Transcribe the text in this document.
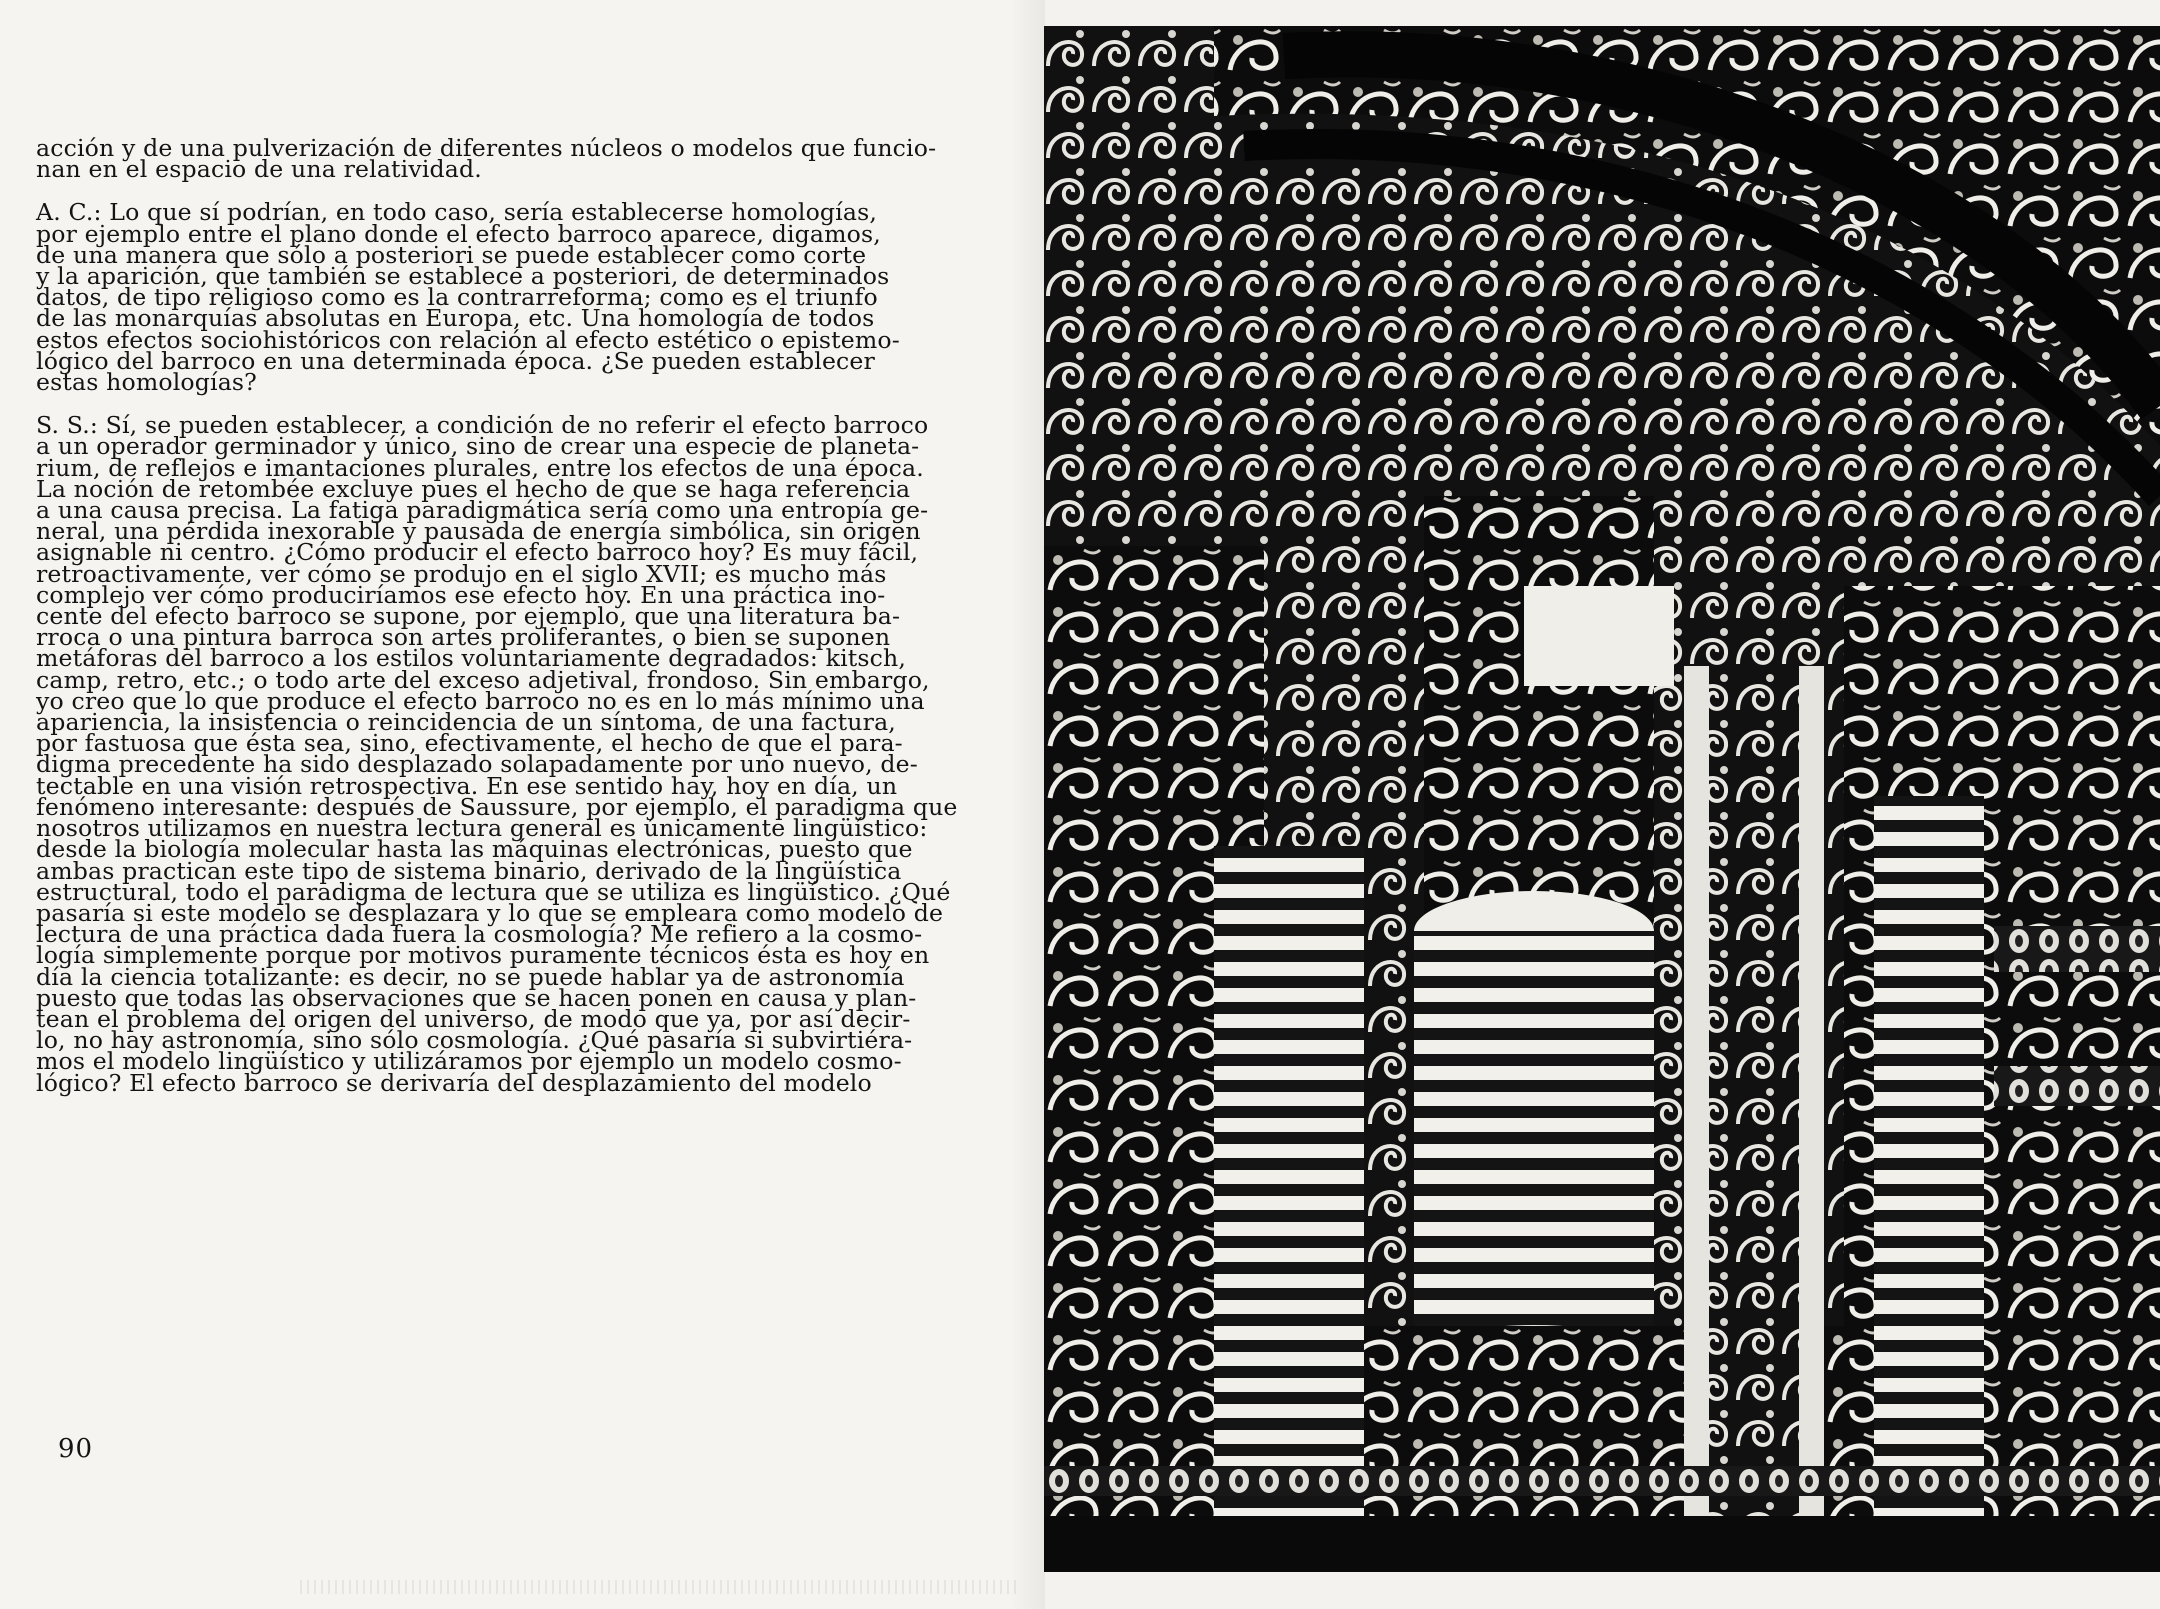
acción y de una pulverización de diferentes núcleos o modelos que funcio-
nan en el espacio de una relatividad.

A. C.: Lo que sí podrían, en todo caso, sería establecerse homologías,
por ejemplo entre el plano donde el efecto barroco aparece, digamos,
de una manera que sólo a posteriori se puede establecer como corte
y la aparición, que también se establece a posteriori, de determinados
datos, de tipo religioso como es la contrarreforma; como es el triunfo
de las monarquías absolutas en Europa, etc. Una homología de todos
estos efectos sociohistóricos con relación al efecto estético o epistemo-
lógico del barroco en una determinada época. ¿Se pueden establecer
estas homologías?

S. S.: Sí, se pueden establecer, a condición de no referir el efecto barroco
a un operador germinador y único, sino de crear una especie de planeta-
rium, de reflejos e imantaciones plurales, entre los efectos de una época.
La noción de retombée excluye pues el hecho de que se haga referencia
a una causa precisa. La fatiga paradigmática sería como una entropía ge-
neral, una pérdida inexorable y pausada de energía simbólica, sin origen
asignable ni centro. ¿Cómo producir el efecto barroco hoy? Es muy fácil,
retroactivamente, ver cómo se produjo en el siglo XVII; es mucho más
complejo ver cómo produciríamos ese efecto hoy. En una práctica ino-
cente del efecto barroco se supone, por ejemplo, que una literatura ba-
rroca o una pintura barroca son artes proliferantes, o bien se suponen
metáforas del barroco a los estilos voluntariamente degradados: kitsch,
camp, retro, etc.; o todo arte del exceso adjetival, frondoso. Sin embargo,
yo creo que lo que produce el efecto barroco no es en lo más mínimo una
apariencia, la insistencia o reincidencia de un síntoma, de una factura,
por fastuosa que ésta sea, sino, efectivamente, el hecho de que el para-
digma precedente ha sido desplazado solapadamente por uno nuevo, de-
tectable en una visión retrospectiva. En ese sentido hay, hoy en día, un
fenómeno interesante: después de Saussure, por ejemplo, el paradigma que
nosotros utilizamos en nuestra lectura general es únicamente lingüístico:
desde la biología molecular hasta las máquinas electrónicas, puesto que
ambas practican este tipo de sistema binario, derivado de la lingüística
estructural, todo el paradigma de lectura que se utiliza es lingüístico. ¿Qué
pasaría si este modelo se desplazara y lo que se empleara como modelo de
lectura de una práctica dada fuera la cosmología? Me refiero a la cosmo-
logía simplemente porque por motivos puramente técnicos ésta es hoy en
día la ciencia totalizante: es decir, no se puede hablar ya de astronomía
puesto que todas las observaciones que se hacen ponen en causa y plan-
tean el problema del origen del universo, de modo que ya, por así decir-
lo, no hay astronomía, sino sólo cosmología. ¿Qué pasaría si subvirtiéra-
mos el modelo lingüístico y utilizáramos por ejemplo un modelo cosmo-
lógico? El efecto barroco se derivaría del desplazamiento del modelo

90
